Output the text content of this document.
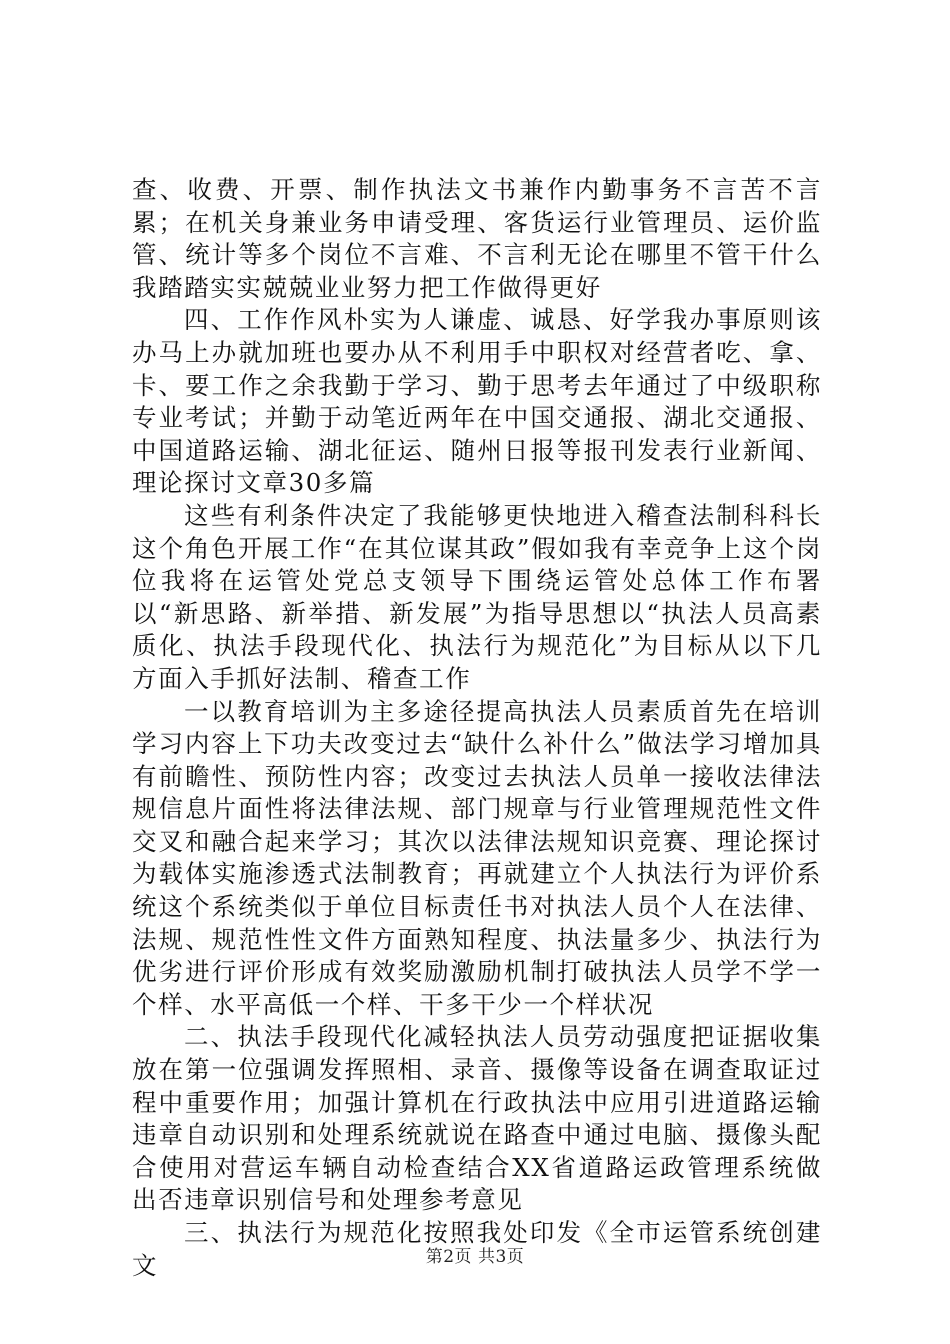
查、收费、开票、制作执法文书兼作内勤事务不言苦不言累；在机关身兼业务申请受理、客货运行业管理员、运价监管、统计等多个岗位不言难、不言利无论在哪里不管干什么我踏踏实实兢兢业业努力把工作做得更好

四、工作作风朴实为人谦虚、诚恳、好学我办事原则该办马上办就加班也要办从不利用手中职权对经营者吃、拿、卡、要工作之余我勤于学习、勤于思考去年通过了中级职称专业考试；并勤于动笔近两年在中国交通报、湖北交通报、中国道路运输、湖北征运、随州日报等报刊发表行业新闻、理论探讨文章30多篇

这些有利条件决定了我能够更快地进入稽查法制科科长这个角色开展工作“在其位谋其政”假如我有幸竞争上这个岗位我将在运管处党总支领导下围绕运管处总体工作布署以“新思路、新举措、新发展”为指导思想以“执法人员高素质化、执法手段现代化、执法行为规范化”为目标从以下几方面入手抓好法制、稽查工作

一以教育培训为主多途径提高执法人员素质首先在培训学习内容上下功夫改变过去“缺什么补什么”做法学习增加具有前瞻性、预防性内容；改变过去执法人员单一接收法律法规信息片面性将法律法规、部门规章与行业管理规范性文件交叉和融合起来学习；其次以法律法规知识竞赛、理论探讨为载体实施渗透式法制教育；再就建立个人执法行为评价系统这个系统类似于单位目标责任书对执法人员个人在法律、法规、规范性性文件方面熟知程度、执法量多少、执法行为优劣进行评价形成有效奖励激励机制打破执法人员学不学一个样、水平高低一个样、干多干少一个样状况

二、执法手段现代化减轻执法人员劳动强度把证据收集放在第一位强调发挥照相、录音、摄像等设备在调查取证过程中重要作用；加强计算机在行政执法中应用引进道路运输违章自动识别和处理系统就说在路查中通过电脑、摄像头配合使用对营运车辆自动检查结合XX省道路运政管理系统做出否违章识别信号和处理参考意见

三、执法行为规范化按照我处印发《全市运管系统创建文	第2页 共3页
